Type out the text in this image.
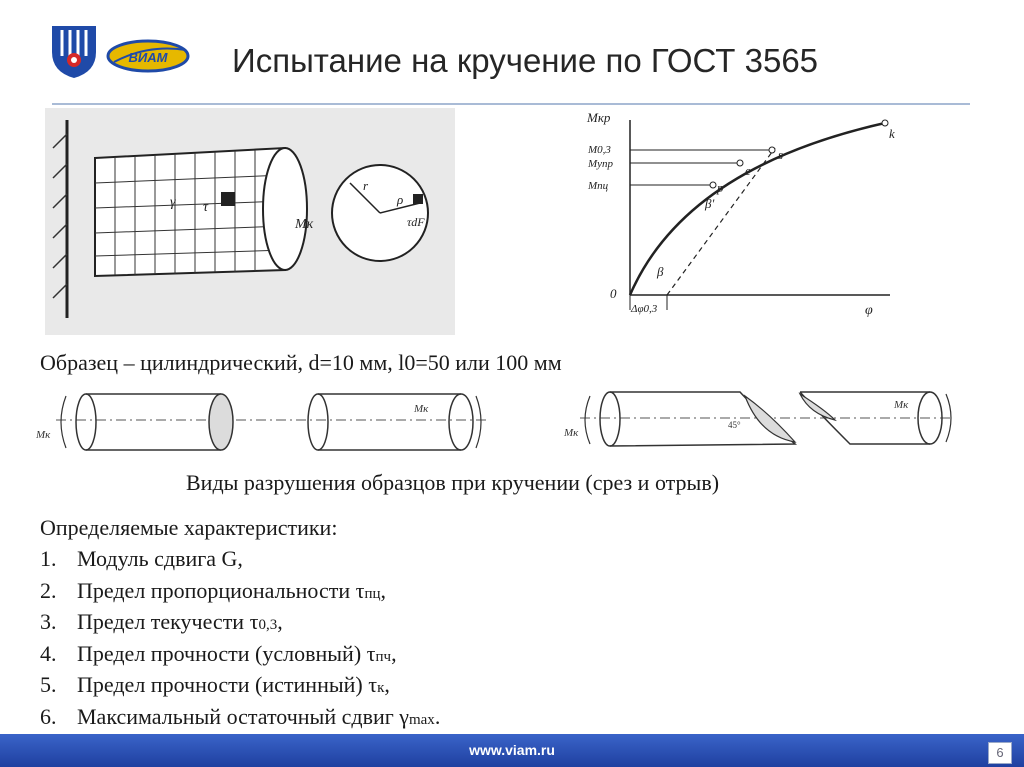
ВИАМ Испытание на кручение по ГОСТ 3565
γ τ
Mк
r
ρ
τdF
Mкр
φ
0
M0,3
Mупр
Mпц
k
s
e
p
β
β'
Δφ0,3
Образец – цилиндрический, d=10 мм, l0=50 или 100 мм
Mк
Mк
Mк
Mк
45°
Виды разрушения образцов при кручении (срез и отрыв)
Определяемые характеристики:
1. Модуль сдвига G,
2. Предел пропорциональности τпц,
3. Предел текучести τ0,3,
4. Предел прочности (условный) τпч,
5. Предел прочности (истинный) τк,
6. Максимальный остаточный сдвиг γmax.
www.viam.ru	6
